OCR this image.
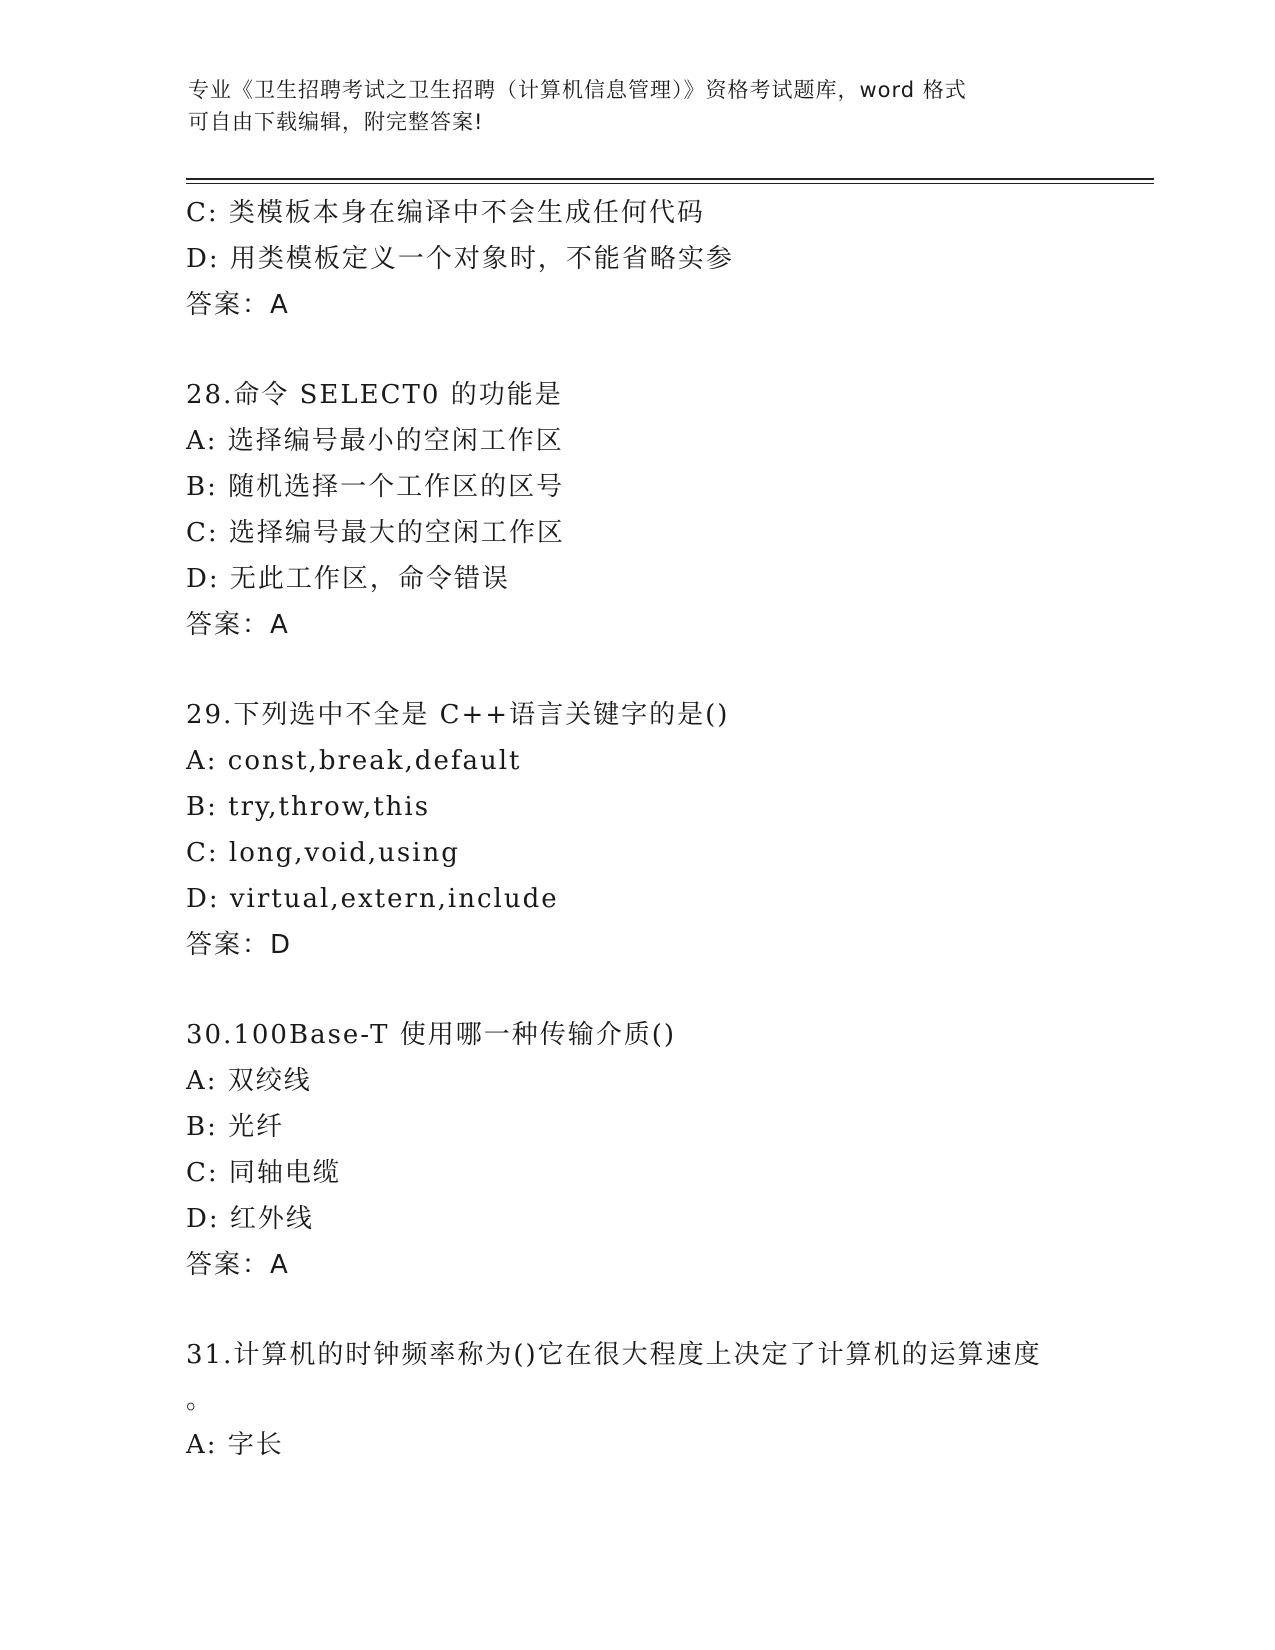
专业《卫生招聘考试之卫生招聘（计算机信息管理）》资格考试题库，word 格式
可自由下载编辑，附完整答案!
C: 类模板本身在编译中不会生成任何代码
D: 用类模板定义一个对象时，不能省略实参
答案：A
28.命令 SELECT0 的功能是
A: 选择编号最小的空闲工作区
B: 随机选择一个工作区的区号
C: 选择编号最大的空闲工作区
D: 无此工作区，命令错误
答案：A
29.下列选中不全是 C++语言关键字的是()
A: const,break,default
B: try,throw,this
C: long,void,using
D: virtual,extern,include
答案：D
30.100Base-T 使用哪一种传输介质()
A: 双绞线
B: 光纤
C: 同轴电缆
D: 红外线
答案：A
31.计算机的时钟频率称为()它在很大程度上决定了计算机的运算速度
。
A: 字长
